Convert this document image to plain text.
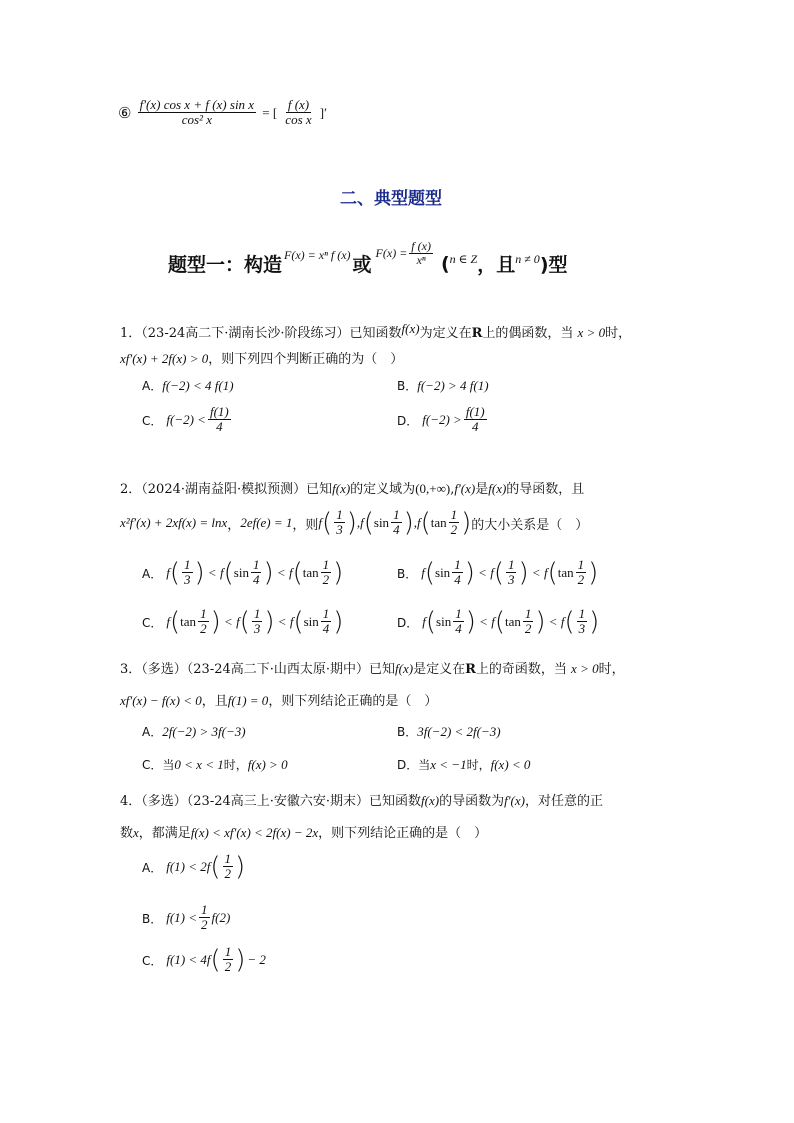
⑥ $\frac{\text{f′(x) cos x + f (x) sin x}}{\text{cos² x}}$ = [ $\frac{f (x)}{\text{cos x}}$ ]′
二、典型题型
题型一：构造 F(x) = xⁿ f (x) 或
$F(x) = \frac{f (x)}{\text{xⁿ}}$ ( n ∈ Z ，且 n ≠ 0 )型
1．（23-24高二下·湖南长沙·阶段练习）已知函数f(x)为定义在R上的偶函数，当 x > 0时，
xf′(x) + 2f(x) > 0，则下列四个判断正确的为（　）
A．f(−2) < 4 f(1)	B．f(−2) > 4 f(1)
C． $f(-2) < \frac{f(1)}{4}$	D． $f(-2) > \frac{f(1)}{4}$
2．（2024·湖南益阳·模拟预测）已知f(x)的定义域为(0,+∞),f′(x)是f(x)的导函数，且
x²f′(x) + 2xf(x) = lnx ， 2ef(e) = 1 ，则 f ( $\frac{1}{3}$ ) , f ( $\sin \frac{1}{4}$ ) , f ( $\tan \frac{1}{2}$ ) 的大小关系是（　）
A． f ( $\frac{1}{3}$ ) < f ( $\sin \frac{1}{4}$ ) < f ( $\tan \frac{1}{2}$ )	B． f ( $\sin \frac{1}{4}$ ) < f ( $\frac{1}{3}$ ) < f ( $\tan \frac{1}{2}$ )
C． f ( $\tan \frac{1}{2}$ ) < f ( $\frac{1}{3}$ ) < f ( $\sin \frac{1}{4}$ )	D． f ( $\sin \frac{1}{4}$ ) < f ( $\tan \frac{1}{2}$ ) < f ( $\frac{1}{3}$ )
3．（多选）（23-24高二下·山西太原·期中）已知f(x)是定义在R上的奇函数，当 x > 0时，
xf′(x) − f(x) < 0，且f(1) = 0，则下列结论正确的是（　）
A．2f(−2) > 3f(−3)	B．3f(−2) < 2f(−3)
C．当0 < x < 1时，f(x) > 0	D．当x < −1时，f(x) < 0
4．（多选）（23-24高三上·安徽六安·期末）已知函数f(x)的导函数为f′(x)，对任意的正
数x，都满足f(x) < xf′(x) < 2f(x) − 2x，则下列结论正确的是（　）
A． f(1) < 2f ( $\frac{1}{2}$ )
B． $f(1) < \frac{1}{2} f(2)$
C． f(1) < 4f ( $\frac{1}{2}$ ) − 2
